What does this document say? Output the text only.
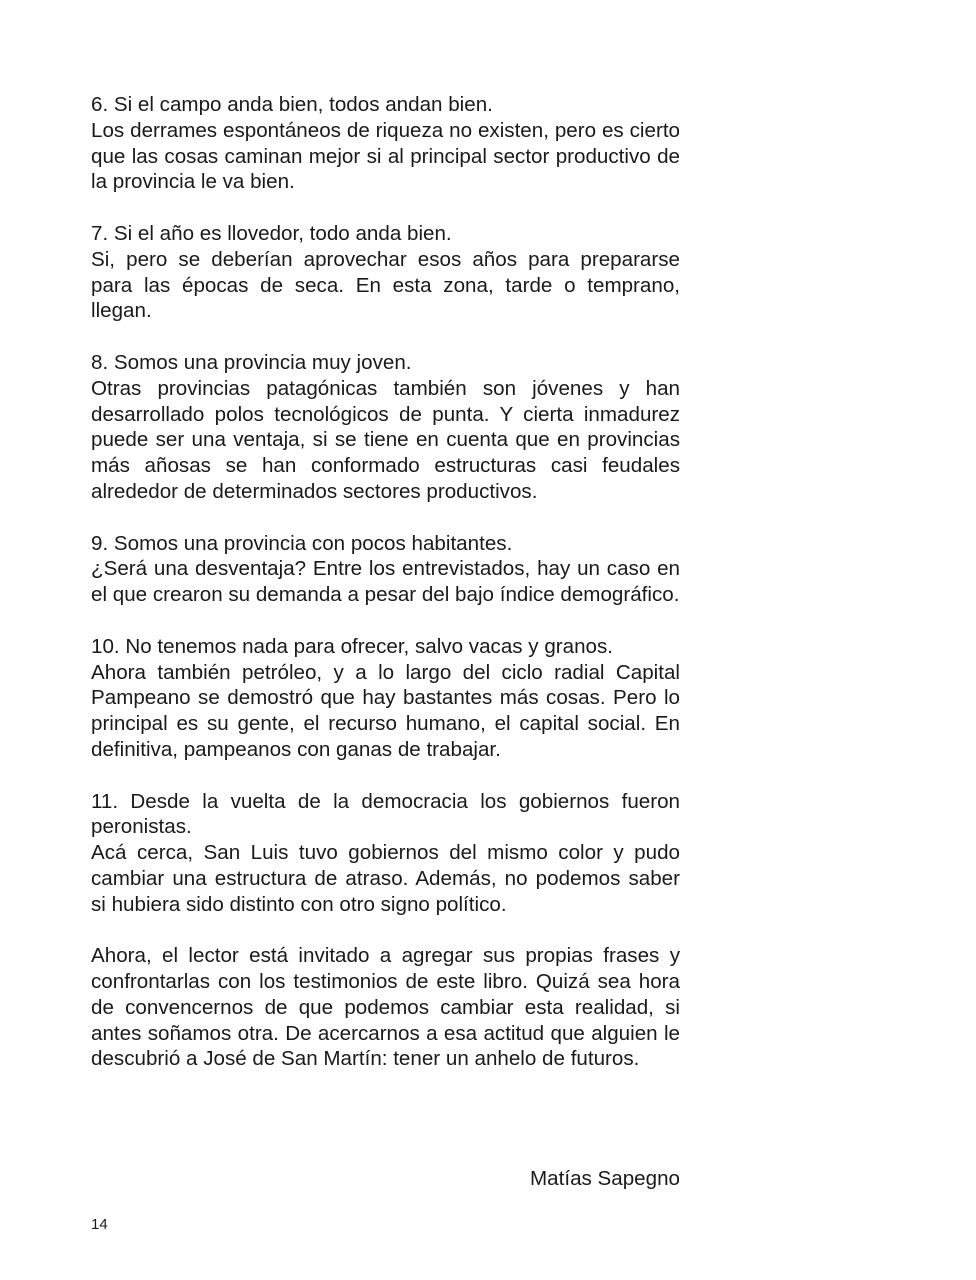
6. Si el campo anda bien, todos andan bien.

Los derrames espontáneos de riqueza no existen, pero es cierto que las cosas caminan mejor si al principal sector productivo de la provincia le va bien.

7. Si el año es llovedor, todo anda bien.

Si, pero se deberían aprovechar esos años para prepararse para las épocas de seca. En esta zona, tarde o temprano, llegan.

8. Somos una provincia muy joven.

Otras provincias patagónicas también son jóvenes y han desarrollado polos tecnológicos de punta. Y cierta inmadurez puede ser una ventaja, si se tiene en cuenta que en provincias más añosas se han conformado estructuras casi feudales alrededor de determinados sectores productivos.

9. Somos una provincia con pocos habitantes.

¿Será una desventaja? Entre los entrevistados, hay un caso en el que crearon su demanda a pesar del bajo índice demográfico.

10. No tenemos nada para ofrecer, salvo vacas y granos.

Ahora también petróleo, y a lo largo del ciclo radial Capital Pampeano se demostró que hay bastantes más cosas. Pero lo principal es su gente, el recurso humano, el capital social. En definitiva, pampeanos con ganas de trabajar.

11. Desde la vuelta de la democracia los gobiernos fueron peronistas.

Acá cerca, San Luis tuvo gobiernos del mismo color y pudo cambiar una estructura de atraso. Además, no podemos saber si hubiera sido distinto con otro signo político.

Ahora, el lector está invitado a agregar sus propias frases y confrontarlas con los testimonios de este libro. Quizá sea hora de convencernos de que podemos cambiar esta realidad, si antes soñamos otra. De acercarnos a esa actitud que alguien le descubrió a José de San Martín: tener un anhelo de futuros.

Matías Sapegno

14
